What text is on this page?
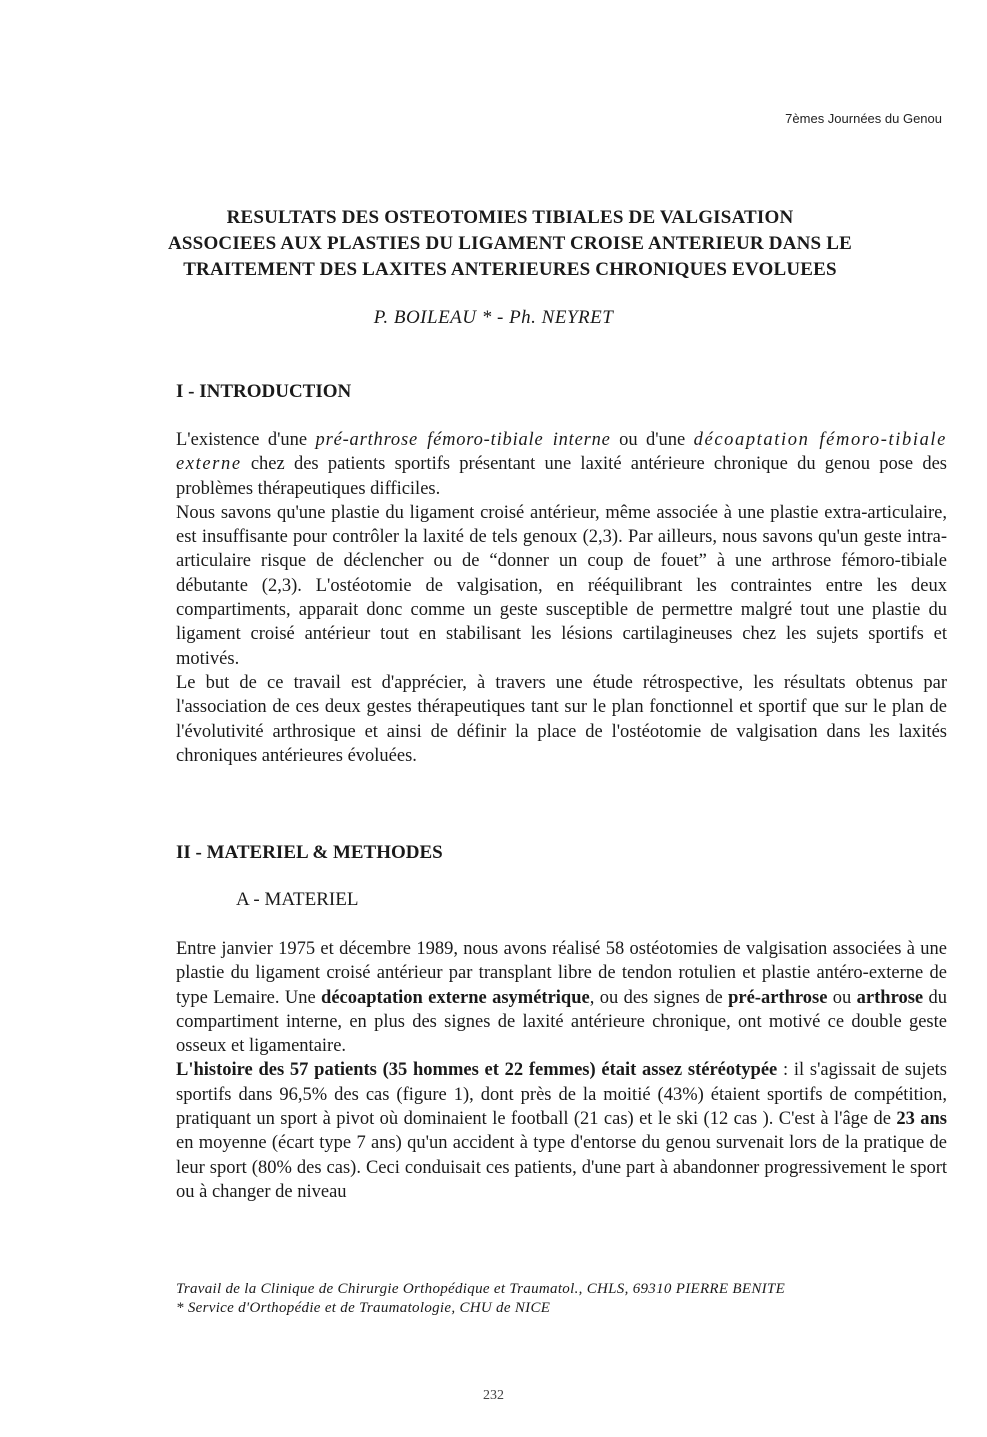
7èmes Journées du Genou
RESULTATS DES OSTEOTOMIES TIBIALES DE VALGISATION
ASSOCIEES AUX PLASTIES DU LIGAMENT CROISE ANTERIEUR DANS LE
TRAITEMENT DES LAXITES ANTERIEURES CHRONIQUES EVOLUEES
P. BOILEAU * - Ph. NEYRET
I - INTRODUCTION

L'existence d'une pré-arthrose fémoro-tibiale interne ou d'une décoaptation fémoro-tibiale externe chez des patients sportifs présentant une laxité antérieure chronique du genou pose des problèmes thérapeutiques difficiles.

Nous savons qu'une plastie du ligament croisé antérieur, même associée à une plastie extra-articulaire, est insuffisante pour contrôler la laxité de tels genoux (2,3). Par ailleurs, nous savons qu'un geste intra-articulaire risque de déclencher ou de “donner un coup de fouet” à une arthrose fémoro-tibiale débutante (2,3). L'ostéotomie de valgisation, en rééquilibrant les contraintes entre les deux compartiments, apparait donc comme un geste susceptible de permettre malgré tout une plastie du ligament croisé antérieur tout en stabilisant les lésions cartilagineuses chez les sujets sportifs et motivés.

Le but de ce travail est d'apprécier, à travers une étude rétrospective, les résultats obtenus par l'association de ces deux gestes thérapeutiques tant sur le plan fonctionnel et sportif que sur le plan de l'évolutivité arthrosique et ainsi de définir la place de l'ostéotomie de valgisation dans les laxités chroniques antérieures évoluées.

II - MATERIEL & METHODES
A - MATERIEL

Entre janvier 1975 et décembre 1989, nous avons réalisé 58 ostéotomies de valgisation associées à une plastie du ligament croisé antérieur par transplant libre de tendon rotulien et plastie antéro-externe de type Lemaire. Une décoaptation externe asymétrique, ou des signes de pré-arthrose ou arthrose du compartiment interne, en plus des signes de laxité antérieure chronique, ont motivé ce double geste osseux et ligamentaire.

L'histoire des 57 patients (35 hommes et 22 femmes) était assez stéréotypée : il s'agissait de sujets sportifs dans 96,5% des cas (figure 1), dont près de la moitié (43%) étaient sportifs de compétition, pratiquant un sport à pivot où dominaient le football (21 cas) et le ski (12 cas ). C'est à l'âge de 23 ans en moyenne (écart type 7 ans) qu'un accident à type d'entorse du genou survenait lors de la pratique de leur sport (80% des cas). Ceci conduisait ces patients, d'une part à abandonner progressivement le sport ou à changer de niveau

Travail de la Clinique de Chirurgie Orthopédique et Traumatol., CHLS, 69310 PIERRE BENITE
* Service d'Orthopédie et de Traumatologie, CHU de NICE
232
